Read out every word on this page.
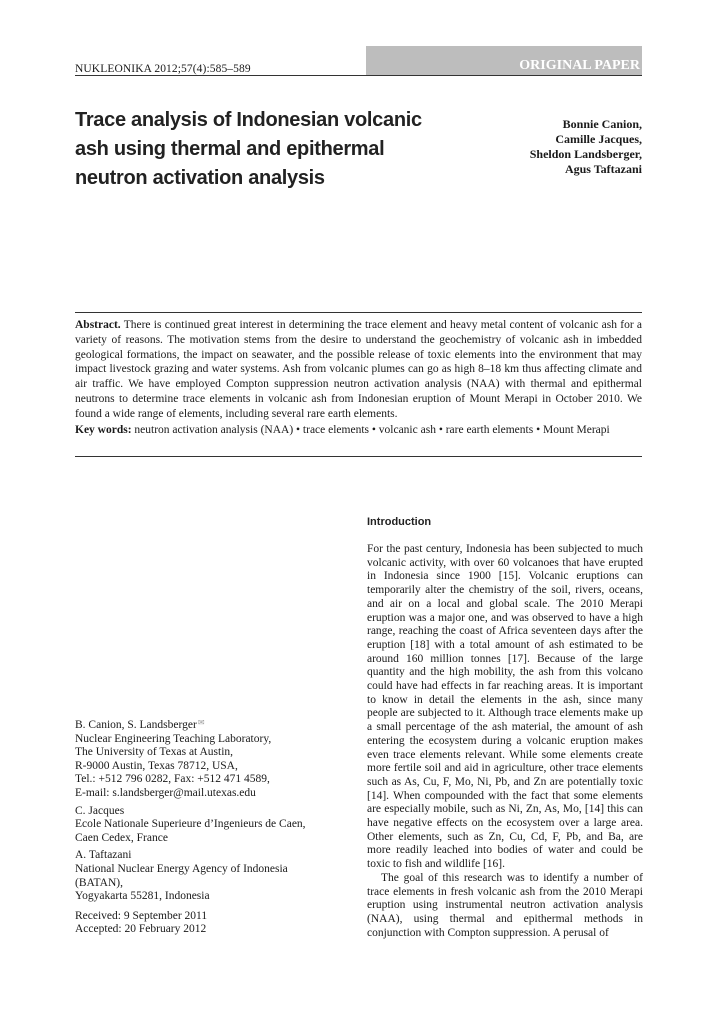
NUKLEONIKA 2012;57(4):585–589	ORIGINAL PAPER
Trace analysis of Indonesian volcanic ash using thermal and epithermal neutron activation analysis
Bonnie Canion,
Camille Jacques,
Sheldon Landsberger,
Agus Taftazani
Abstract. There is continued great interest in determining the trace element and heavy metal content of volcanic ash for a variety of reasons. The motivation stems from the desire to understand the geochemistry of volcanic ash in imbedded geological formations, the impact on seawater, and the possible release of toxic elements into the environment that may impact livestock grazing and water systems. Ash from volcanic plumes can go as high 8–18 km thus affecting climate and air traffic. We have employed Compton suppression neutron activation analysis (NAA) with thermal and epithermal neutrons to determine trace elements in volcanic ash from Indonesian eruption of Mount Merapi in October 2010. We found a wide range of elements, including several rare earth elements.
Key words: neutron activation analysis (NAA) • trace elements • volcanic ash • rare earth elements • Mount Merapi
Introduction

For the past century, Indonesia has been subjected to much volcanic activity, with over 60 volcanoes that have erupted in Indonesia since 1900 [15]. Volcanic eruptions can temporarily alter the chemistry of the soil, rivers, oceans, and air on a local and global scale. The 2010 Merapi eruption was a major one, and was observed to have a high range, reaching the coast of Africa seventeen days after the eruption [18] with a total amount of ash estimated to be around 160 million tonnes [17]. Because of the large quantity and the high mobility, the ash from this volcano could have had effects in far reaching areas. It is important to know in detail the elements in the ash, since many people are subjected to it. Although trace elements make up a small percentage of the ash material, the amount of ash entering the ecosystem during a volcanic eruption makes even trace elements relevant. While some elements create more fertile soil and aid in agriculture, other trace elements such as As, Cu, F, Mo, Ni, Pb, and Zn are potentially toxic [14]. When compounded with the fact that some elements are especially mobile, such as Ni, Zn, As, Mo, [14] this can have negative effects on the ecosystem over a large area. Other elements, such as Zn, Cu, Cd, F, Pb, and Ba, are more readily leached into bodies of water and could be toxic to fish and wildlife [16].

The goal of this research was to identify a number of trace elements in fresh volcanic ash from the 2010 Merapi eruption using instrumental neutron activation analysis (NAA), using thermal and epithermal methods in conjunction with Compton suppression. A perusal of

B. Canion, S. Landsberger✉
Nuclear Engineering Teaching Laboratory,
The University of Texas at Austin,
R-9000 Austin, Texas 78712, USA,
Tel.: +512 796 0282, Fax: +512 471 4589,
E-mail: s.landsberger@mail.utexas.edu
C. Jacques
Ecole Nationale Superieure d’Ingenieurs de Caen,
Caen Cedex, France
A. Taftazani
National Nuclear Energy Agency of Indonesia
(BATAN),
Yogyakarta 55281, Indonesia
Received: 9 September 2011
Accepted: 20 February 2012
